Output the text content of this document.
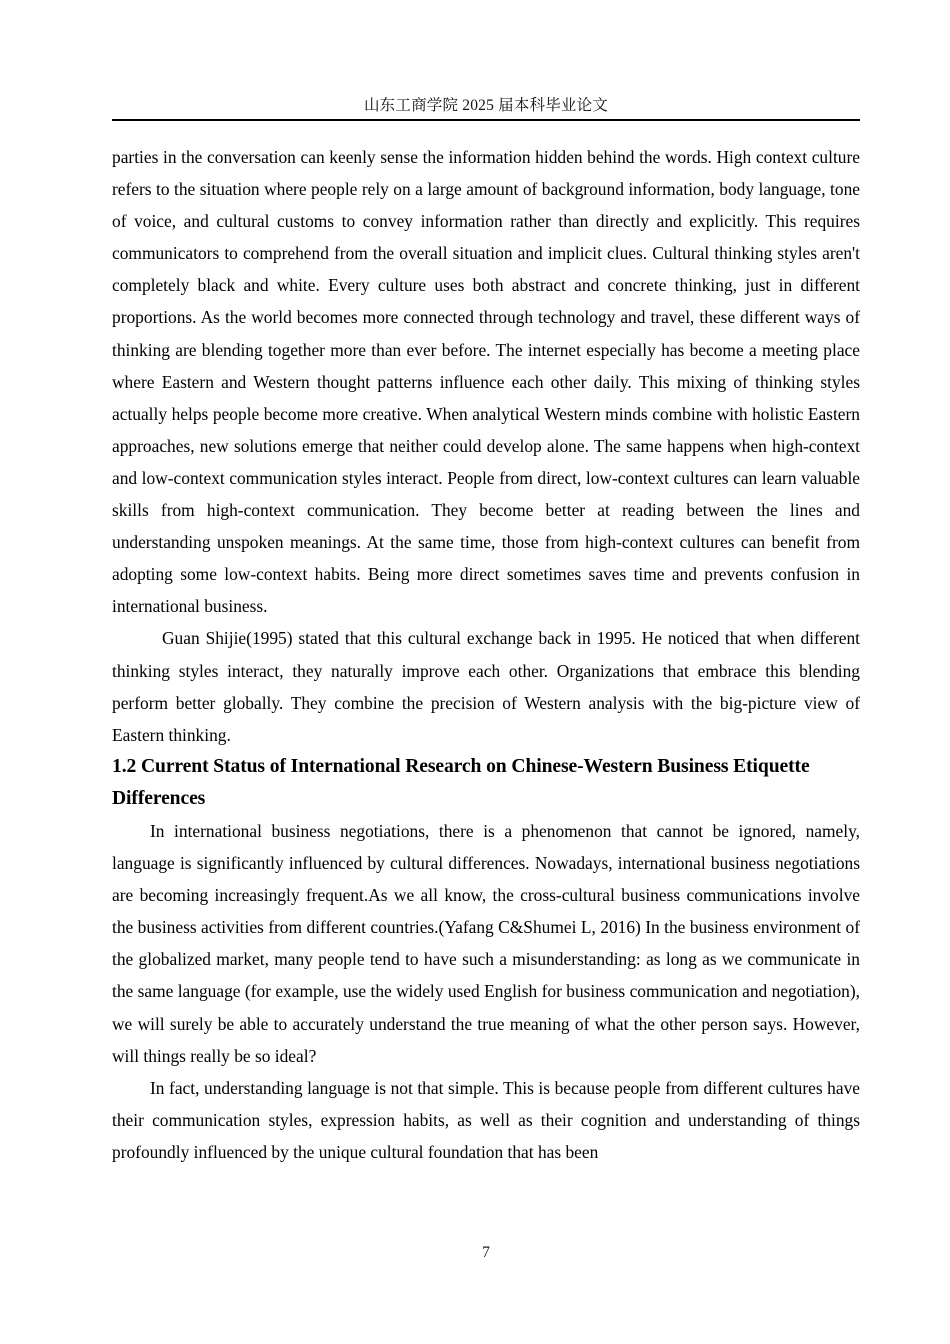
山东工商学院 2025 届本科毕业论文

parties in the conversation can keenly sense the information hidden behind the words. High context culture refers to the situation where people rely on a large amount of background information, body language, tone of voice, and cultural customs to convey information rather than directly and explicitly. This requires communicators to comprehend from the overall situation and implicit clues. Cultural thinking styles aren't completely black and white. Every culture uses both abstract and concrete thinking, just in different proportions. As the world becomes more connected through technology and travel, these different ways of thinking are blending together more than ever before. The internet especially has become a meeting place where Eastern and Western thought patterns influence each other daily. This mixing of thinking styles actually helps people become more creative. When analytical Western minds combine with holistic Eastern approaches, new solutions emerge that neither could develop alone. The same happens when high-context and low-context communication styles interact. People from direct, low-context cultures can learn valuable skills from high-context communication. They become better at reading between the lines and understanding unspoken meanings. At the same time, those from high-context cultures can benefit from adopting some low-context habits. Being more direct sometimes saves time and prevents confusion in international business.

Guan Shijie(1995) stated that this cultural exchange back in 1995. He noticed that when different thinking styles interact, they naturally improve each other. Organizations that embrace this blending perform better globally. They combine the precision of Western analysis with the big-picture view of Eastern thinking.

1.2 Current Status of International Research on Chinese-Western Business Etiquette Differences

In international business negotiations, there is a phenomenon that cannot be ignored, namely, language is significantly influenced by cultural differences. Nowadays, international business negotiations are becoming increasingly frequent.As we all know, the cross-cultural business communications involve the business activities from different countries.(Yafang C&Shumei L, 2016) In the business environment of the globalized market, many people tend to have such a misunderstanding: as long as we communicate in the same language (for example, use the widely used English for business communication and negotiation), we will surely be able to accurately understand the true meaning of what the other person says. However, will things really be so ideal?

In fact, understanding language is not that simple. This is because people from different cultures have their communication styles, expression habits, as well as their cognition and understanding of things profoundly influenced by the unique cultural foundation that has been

7
